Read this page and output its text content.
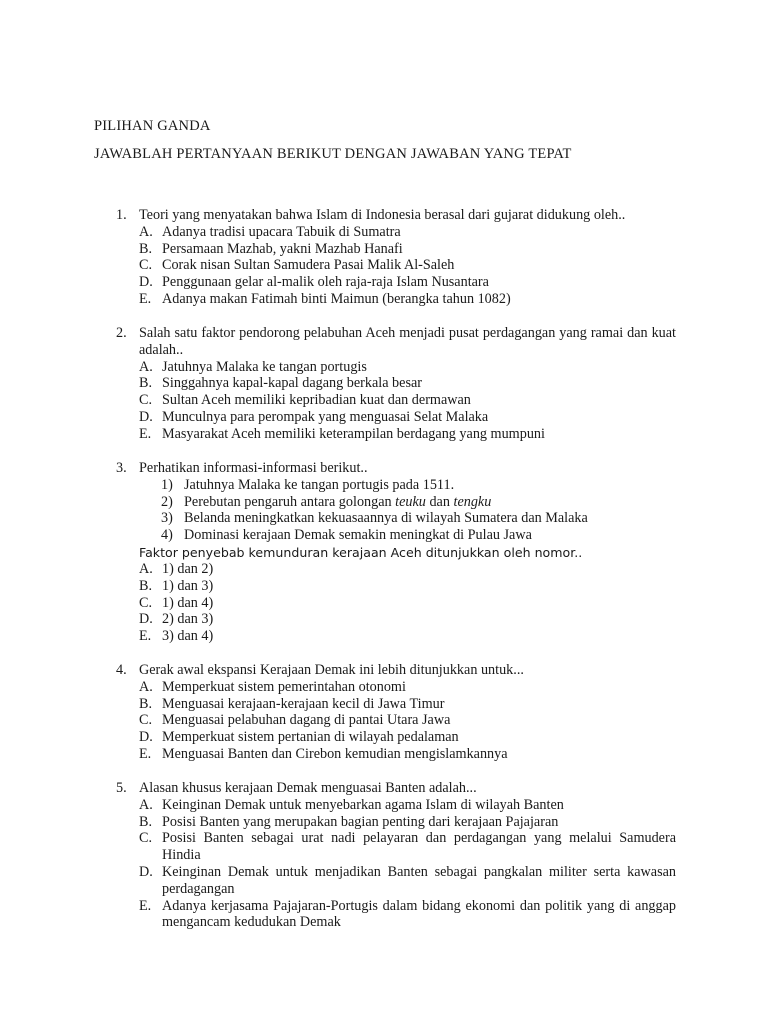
PILIHAN GANDA
JAWABLAH PERTANYAAN BERIKUT DENGAN JAWABAN YANG TEPAT
1. Teori yang menyatakan bahwa Islam di Indonesia berasal dari gujarat didukung oleh..
A. Adanya tradisi upacara Tabuik di Sumatra
B. Persamaan Mazhab, yakni Mazhab Hanafi
C. Corak nisan Sultan Samudera Pasai Malik Al-Saleh
D. Penggunaan gelar al-malik oleh raja-raja Islam Nusantara
E. Adanya makan Fatimah binti Maimun (berangka tahun 1082)
2. Salah satu faktor pendorong pelabuhan Aceh menjadi pusat perdagangan yang ramai dan kuat adalah..
A. Jatuhnya Malaka ke tangan portugis
B. Singgahnya kapal-kapal dagang berkala besar
C. Sultan Aceh memiliki kepribadian kuat dan dermawan
D. Munculnya para perompak yang menguasai Selat Malaka
E. Masyarakat Aceh memiliki keterampilan berdagang yang mumpuni
3. Perhatikan informasi-informasi berikut..
1) Jatuhnya Malaka ke tangan portugis pada 1511.
2) Perebutan pengaruh antara golongan teuku dan tengku
3) Belanda meningkatkan kekuasaannya di wilayah Sumatera dan Malaka
4) Dominasi kerajaan Demak semakin meningkat di Pulau Jawa
Faktor penyebab kemunduran kerajaan Aceh ditunjukkan oleh nomor..
A. 1) dan 2)
B. 1) dan 3)
C. 1) dan 4)
D. 2) dan 3)
E. 3) dan 4)
4. Gerak awal ekspansi Kerajaan Demak ini lebih ditunjukkan untuk...
A. Memperkuat sistem pemerintahan otonomi
B. Menguasai kerajaan-kerajaan kecil di Jawa Timur
C. Menguasai pelabuhan dagang di pantai Utara Jawa
D. Memperkuat sistem pertanian di wilayah pedalaman
E. Menguasai Banten dan Cirebon kemudian mengislamkannya
5. Alasan khusus kerajaan Demak menguasai Banten adalah...
A. Keinginan Demak untuk menyebarkan agama Islam di wilayah Banten
B. Posisi Banten yang merupakan bagian penting dari kerajaan Pajajaran
C. Posisi Banten sebagai urat nadi pelayaran dan perdagangan yang melalui Samudera Hindia
D. Keinginan Demak untuk menjadikan Banten sebagai pangkalan militer serta kawasan perdagangan
E. Adanya kerjasama Pajajaran-Portugis dalam bidang ekonomi dan politik yang di anggap mengancam kedudukan Demak
